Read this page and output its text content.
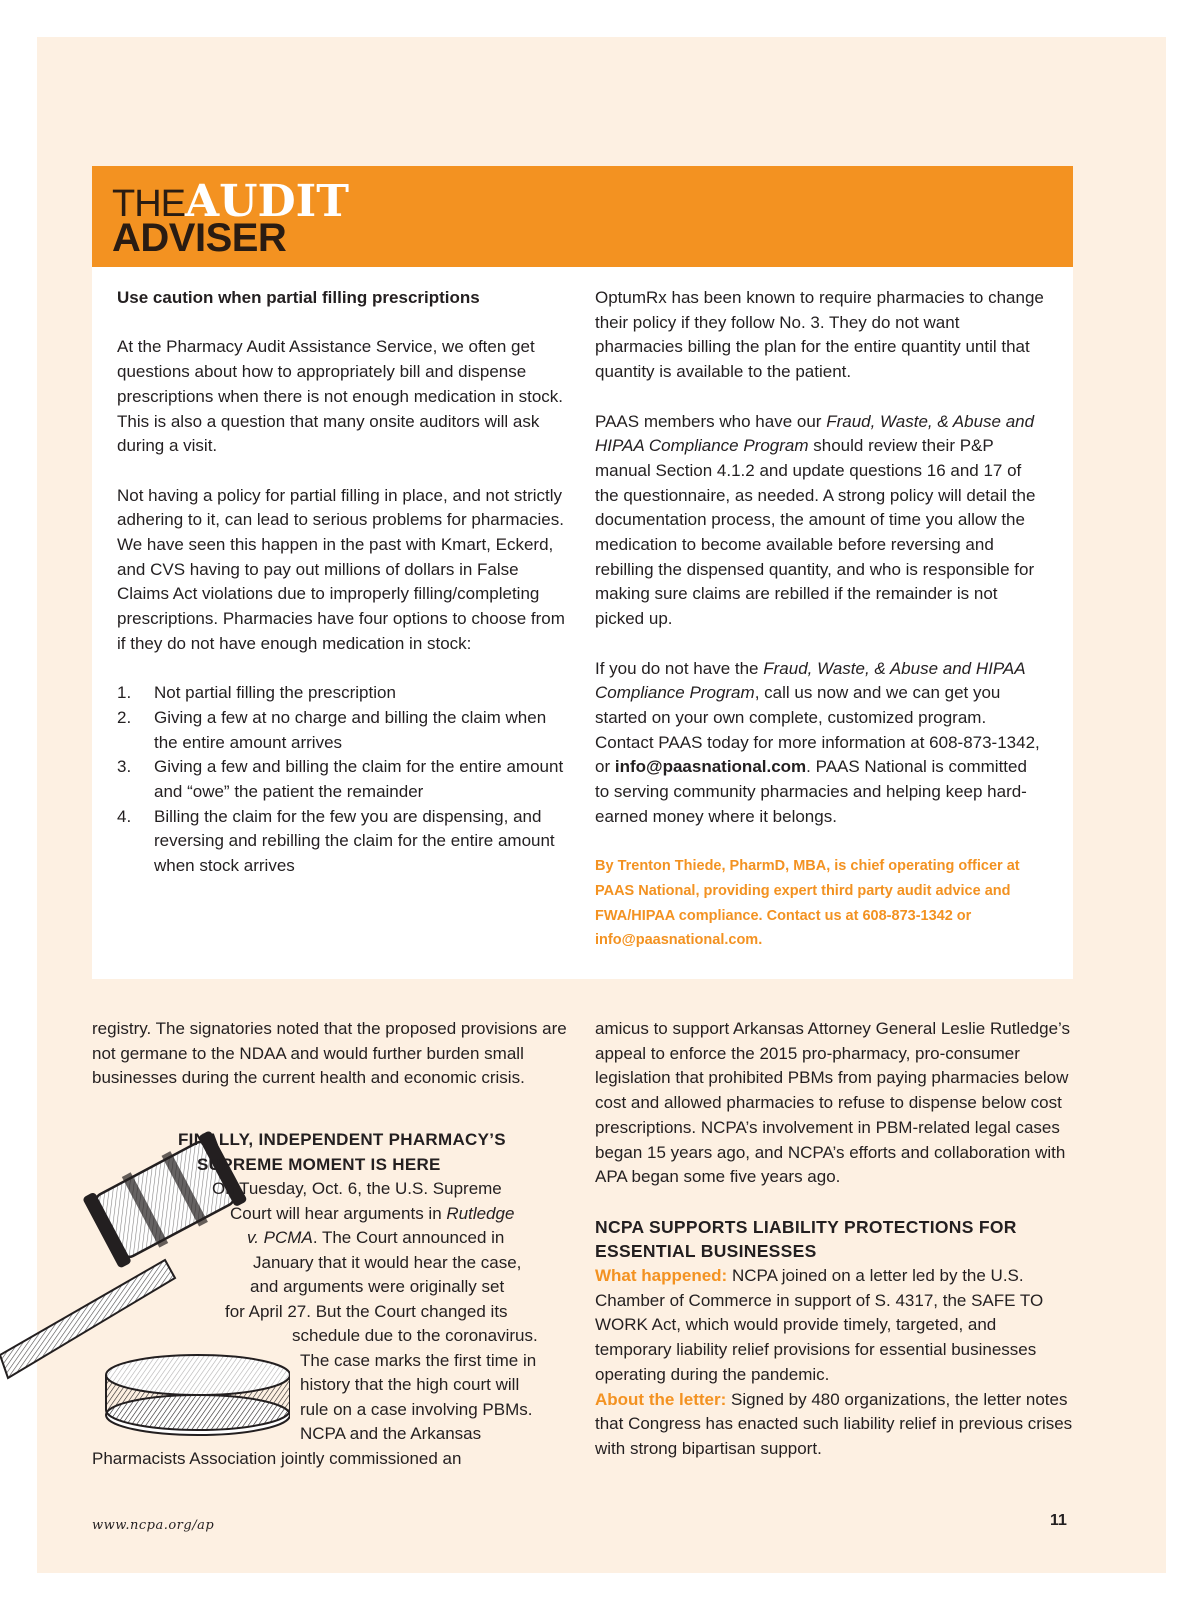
THEAUDIT
ADVISER
Use caution when partial filling prescriptions

At the Pharmacy Audit Assistance Service, we often get questions about how to appropriately bill and dispense prescriptions when there is not enough medication in stock. This is also a question that many onsite auditors will ask during a visit.

Not having a policy for partial filling in place, and not strictly adhering to it, can lead to serious problems for pharmacies. We have seen this happen in the past with Kmart, Eckerd, and CVS having to pay out millions of dollars in False Claims Act violations due to improperly filling/completing prescriptions. Pharmacies have four options to choose from if they do not have enough medication in stock:

1. Not partial filling the prescription
2. Giving a few at no charge and billing the claim when the entire amount arrives
3. Giving a few and billing the claim for the entire amount and “owe” the patient the remainder
4. Billing the claim for the few you are dispensing, and reversing and rebilling the claim for the entire amount when stock arrives

OptumRx has been known to require pharmacies to change their policy if they follow No. 3. They do not want pharmacies billing the plan for the entire quantity until that quantity is available to the patient.

PAAS members who have our Fraud, Waste, & Abuse and HIPAA Compliance Program should review their P&P manual Section 4.1.2 and update questions 16 and 17 of the questionnaire, as needed. A strong policy will detail the documentation process, the amount of time you allow the medication to become available before reversing and rebilling the dispensed quantity, and who is responsible for making sure claims are rebilled if the remainder is not picked up.

If you do not have the Fraud, Waste, & Abuse and HIPAA Compliance Program, call us now and we can get you started on your own complete, customized program. Contact PAAS today for more information at 608-873-1342, or info@paasnational.com. PAAS National is committed to serving community pharmacies and helping keep hard-earned money where it belongs.

By Trenton Thiede, PharmD, MBA, is chief operating officer at PAAS National, providing expert third party audit advice and FWA/HIPAA compliance. Contact us at 608-873-1342 or info@paasnational.com.

registry. The signatories noted that the proposed provisions are not germane to the NDAA and would further burden small businesses during the current health and economic crisis.

FINALLY, INDEPENDENT PHARMACY’S
SUPREME MOMENT IS HERE
On Tuesday, Oct. 6, the U.S. Supreme
Court will hear arguments in Rutledge
v. PCMA. The Court announced in
January that it would hear the case,
and arguments were originally set
for April 27. But the Court changed its
schedule due to the coronavirus.
The case marks the first time in
history that the high court will
rule on a case involving PBMs.
NCPA and the Arkansas
Pharmacists Association jointly commissioned an

amicus to support Arkansas Attorney General Leslie Rutledge’s appeal to enforce the 2015 pro-pharmacy, pro-consumer legislation that prohibited PBMs from paying pharmacies below cost and allowed pharmacies to refuse to dispense below cost prescriptions. NCPA’s involvement in PBM-related legal cases began 15 years ago, and NCPA’s efforts and collaboration with APA began some five years ago.

NCPA SUPPORTS LIABILITY PROTECTIONS FOR ESSENTIAL BUSINESSES
What happened: NCPA joined on a letter led by the U.S. Chamber of Commerce in support of S. 4317, the SAFE TO WORK Act, which would provide timely, targeted, and temporary liability relief provisions for essential businesses operating during the pandemic.
About the letter: Signed by 480 organizations, the letter notes that Congress has enacted such liability relief in previous crises with strong bipartisan support.
www.ncpa.org/ap	11
